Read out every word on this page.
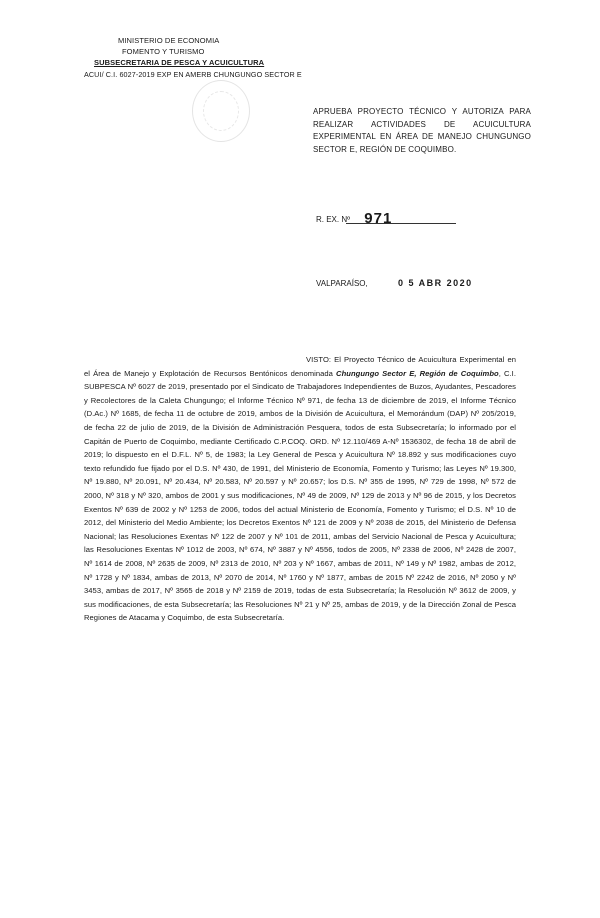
MINISTERIO DE ECONOMIA
FOMENTO Y TURISMO
SUBSECRETARIA DE PESCA Y ACUICULTURA
ACUI/ C.I. 6027-2019 EXP EN AMERB CHUNGUNGO SECTOR E
APRUEBA PROYECTO TÉCNICO Y AUTORIZA PARA REALIZAR ACTIVIDADES DE ACUICULTURA EXPERIMENTAL EN ÁREA DE MANEJO CHUNGUNGO SECTOR E, REGIÓN DE COQUIMBO.
R. EX. Nº 971
VALPARAÍSO,	0 5 ABR 2020
VISTO: El Proyecto Técnico de Acuicultura Experimental en el Área de Manejo y Explotación de Recursos Bentónicos denominada Chungungo Sector E, Región de Coquimbo, C.I. SUBPESCA Nº 6027 de 2019, presentado por el Sindicato de Trabajadores Independientes de Buzos, Ayudantes, Pescadores y Recolectores de la Caleta Chungungo; el Informe Técnico Nº 971, de fecha 13 de diciembre de 2019, el Informe Técnico (D.Ac.) Nº 1685, de fecha 11 de octubre de 2019, ambos de la División de Acuicultura, el Memorándum (DAP) Nº 205/2019, de fecha 22 de julio de 2019, de la División de Administración Pesquera, todos de esta Subsecretaría; lo informado por el Capitán de Puerto de Coquimbo, mediante Certificado C.P.COQ. ORD. Nº 12.110/469 A-Nº 1536302, de fecha 18 de abril de 2019; lo dispuesto en el D.F.L. Nº 5, de 1983; la Ley General de Pesca y Acuicultura Nº 18.892 y sus modificaciones cuyo texto refundido fue fijado por el D.S. Nº 430, de 1991, del Ministerio de Economía, Fomento y Turismo; las Leyes Nº 19.300, Nº 19.880, Nº 20.091, Nº 20.434, Nº 20.583, Nº 20.597 y Nº 20.657; los D.S. Nº 355 de 1995, Nº 729 de 1998, Nº 572 de 2000, Nº 318 y Nº 320, ambos de 2001 y sus modificaciones, Nº 49 de 2009, Nº 129 de 2013 y Nº 96 de 2015, y los Decretos Exentos Nº 639 de 2002 y Nº 1253 de 2006, todos del actual Ministerio de Economía, Fomento y Turismo; el D.S. Nº 10 de 2012, del Ministerio del Medio Ambiente; los Decretos Exentos Nº 121 de 2009 y Nº 2038 de 2015, del Ministerio de Defensa Nacional; las Resoluciones Exentas Nº 122 de 2007 y Nº 101 de 2011, ambas del Servicio Nacional de Pesca y Acuicultura; las Resoluciones Exentas Nº 1012 de 2003, Nº 674, Nº 3887 y Nº 4556, todos de 2005, Nº 2338 de 2006, Nº 2428 de 2007, Nº 1614 de 2008, Nº 2635 de 2009, Nº 2313 de 2010, Nº 203 y Nº 1667, ambas de 2011, Nº 149 y Nº 1982, ambas de 2012, Nº 1728 y Nº 1834, ambas de 2013, Nº 2070 de 2014, Nº 1760 y Nº 1877, ambas de 2015 Nº 2242 de 2016, Nº 2050 y Nº 3453, ambas de 2017, Nº 3565 de 2018 y Nº 2159 de 2019, todas de esta Subsecretaría; la Resolución Nº 3612 de 2009, y sus modificaciones, de esta Subsecretaría; las Resoluciones Nº 21 y Nº 25, ambas de 2019, y de la Dirección Zonal de Pesca Regiones de Atacama y Coquimbo, de esta Subsecretaría.
